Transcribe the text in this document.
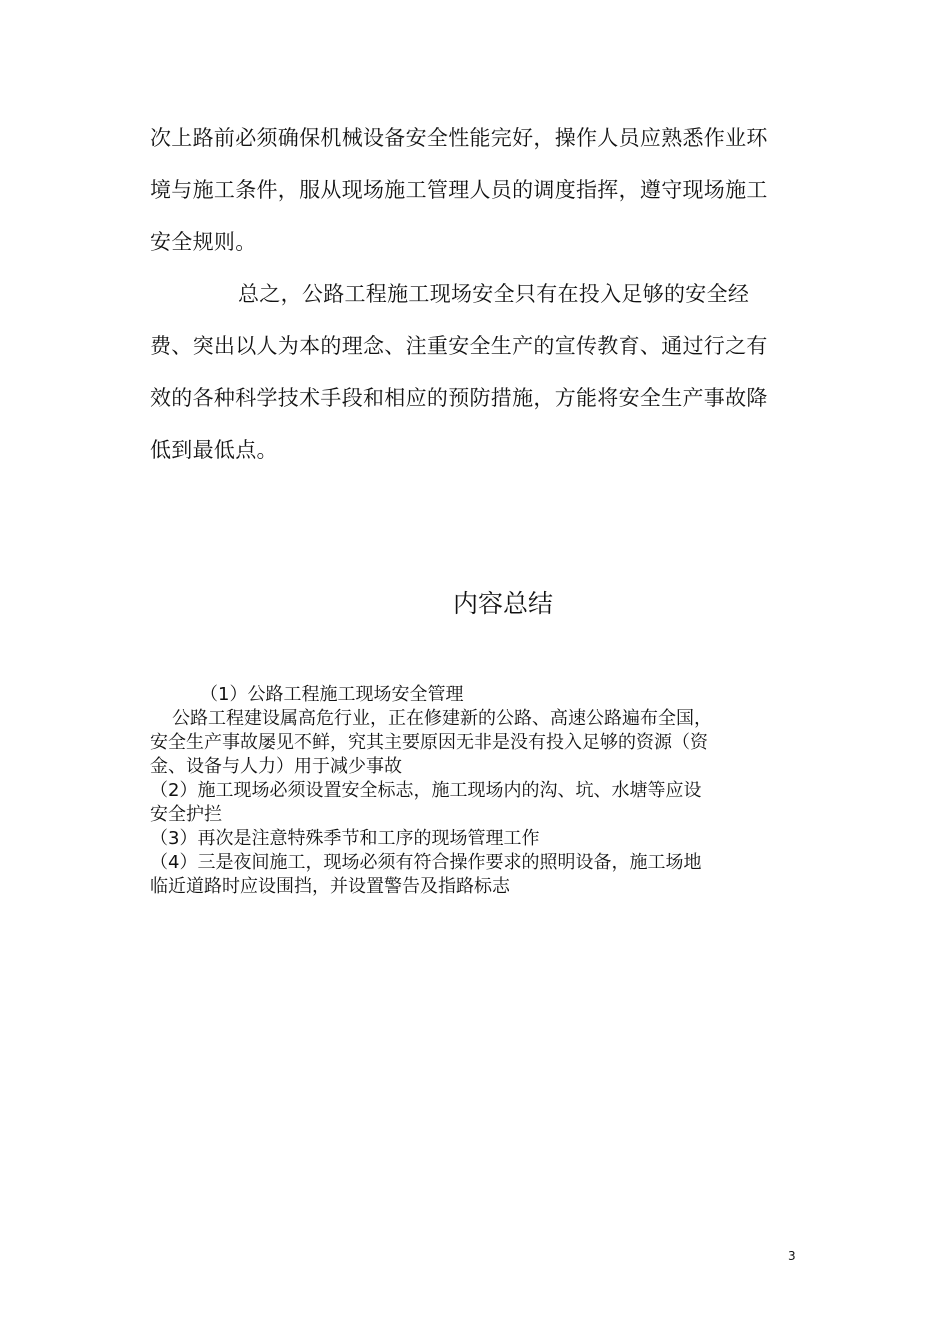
次上路前必须确保机械设备安全性能完好，操作人员应熟悉作业环
境与施工条件，服从现场施工管理人员的调度指挥，遵守现场施工
安全规则。
总之，公路工程施工现场安全只有在投入足够的安全经
费、突出以人为本的理念、注重安全生产的宣传教育、通过行之有
效的各种科学技术手段和相应的预防措施，方能将安全生产事故降
低到最低点。
内容总结
（1）公路工程施工现场安全管理
公路工程建设属高危行业，正在修建新的公路、高速公路遍布全国，
安全生产事故屡见不鲜，究其主要原因无非是没有投入足够的资源（资
金、设备与人力）用于减少事故
（2）施工现场必须设置安全标志，施工现场内的沟、坑、水塘等应设
安全护拦
（3）再次是注意特殊季节和工序的现场管理工作
（4）三是夜间施工，现场必须有符合操作要求的照明设备，施工场地
临近道路时应设围挡，并设置警告及指路标志
3
